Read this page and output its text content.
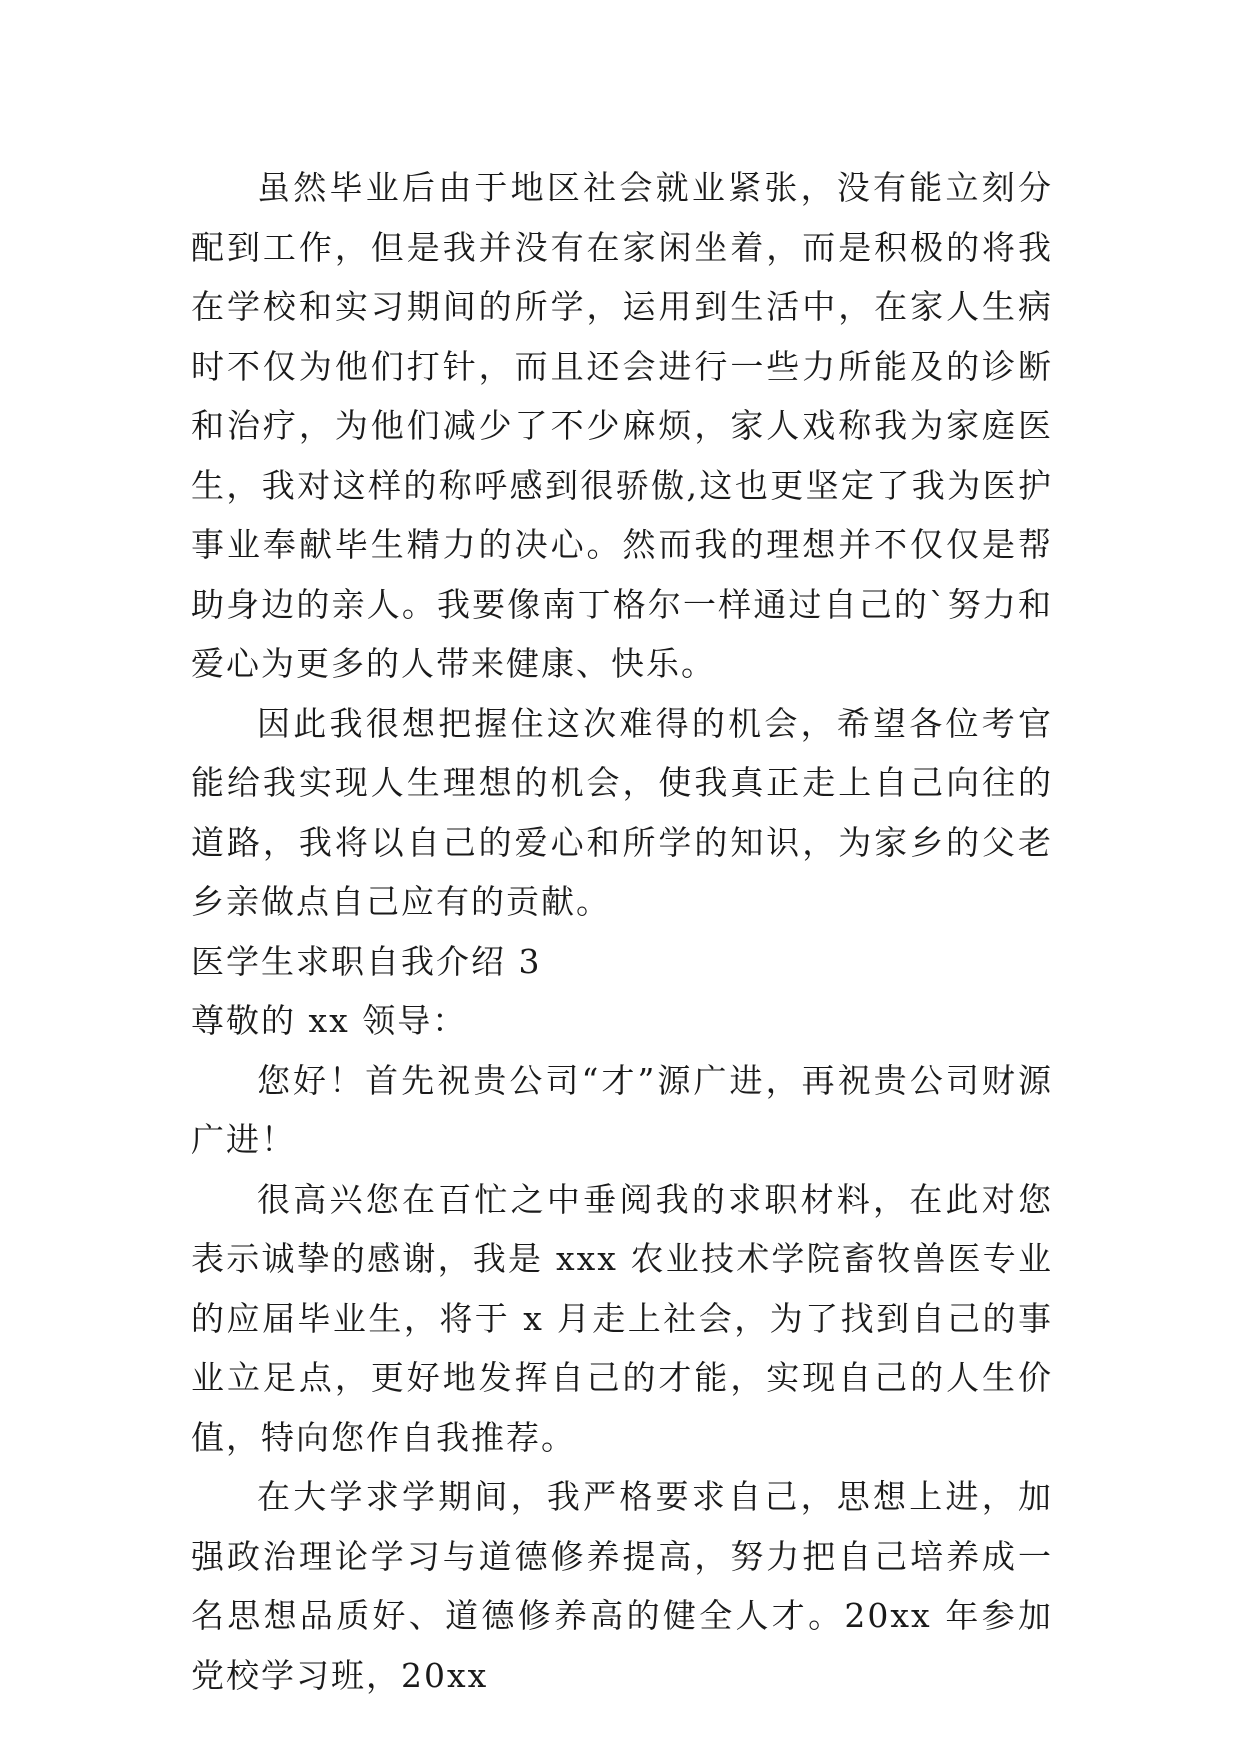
虽然毕业后由于地区社会就业紧张，没有能立刻分配到工作，但是我并没有在家闲坐着，而是积极的将我在学校和实习期间的所学，运用到生活中，在家人生病时不仅为他们打针，而且还会进行一些力所能及的诊断和治疗，为他们减少了不少麻烦，家人戏称我为家庭医生，我对这样的称呼感到很骄傲,这也更坚定了我为医护事业奉献毕生精力的决心。然而我的理想并不仅仅是帮助身边的亲人。我要像南丁格尔一样通过自己的`努力和爱心为更多的人带来健康、快乐。

因此我很想把握住这次难得的机会，希望各位考官能给我实现人生理想的机会，使我真正走上自己向往的道路，我将以自己的爱心和所学的知识，为家乡的父老乡亲做点自己应有的贡献。

医学生求职自我介绍 3

尊敬的 xx 领导：

您好！首先祝贵公司“才”源广进，再祝贵公司财源广进！

很高兴您在百忙之中垂阅我的求职材料，在此对您表示诚挚的感谢，我是 xxx 农业技术学院畜牧兽医专业的应届毕业生，将于 x 月走上社会，为了找到自己的事业立足点，更好地发挥自己的才能，实现自己的人生价值，特向您作自我推荐。

在大学求学期间，我严格要求自己，思想上进，加强政治理论学习与道德修养提高，努力把自己培养成一名思想品质好、道德修养高的健全人才。20xx 年参加党校学习班，20xx
